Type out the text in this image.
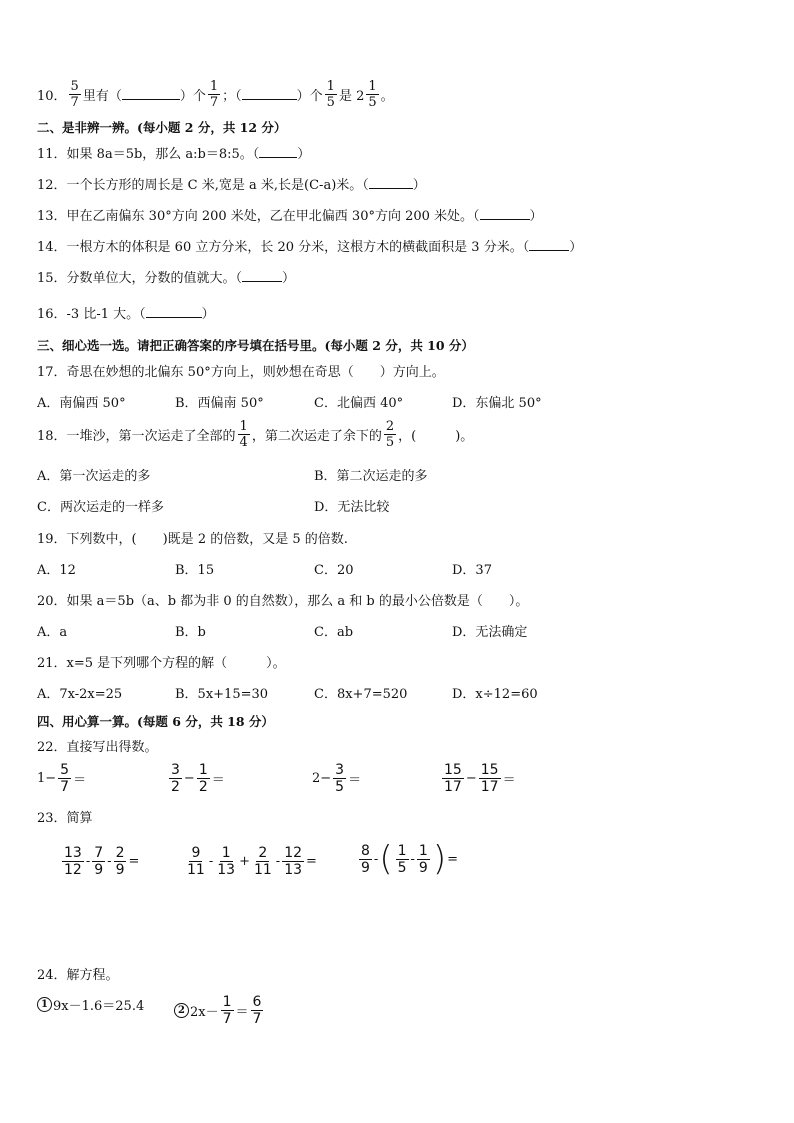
10． $\frac{5}{7}$ 里有（	）个 $\frac{1}{7}$ ；（	）个 $\frac{1}{5}$ 是 $2 \frac{1}{5}$ 。
二、是非辨一辨。(每小题 2 分，共 12 分）
11．如果 8a＝5b，那么 a:b＝8:5。（	）
12．一个长方形的周长是 C 米,宽是 a 米,长是(C-a)米。（	）
13．甲在乙南偏东 30°方向 200 米处，乙在甲北偏西 30°方向 200 米处。（	）
14．一根方木的体积是 60 立方分米，长 20 分米，这根方木的横截面积是 3 分米。（	）
15．分数单位大，分数的值就大。（	）
16．-3 比-1 大。（	）
三、细心选一选。请把正确答案的序号填在括号里。(每小题 2 分，共 10 分）
17．奇思在妙想的北偏东 50°方向上，则妙想在奇思（　　）方向上。
A．南偏西 50°	B．西偏南 50°	C．北偏西 40°	D．东偏北 50°
18．一堆沙，第一次运走了全部的 $\frac{1}{4}$ ，第二次运走了余下的 $\frac{2}{5}$ ，(　　　)。
A．第一次运走的多	B．第二次运走的多
C．两次运走的一样多	D．无法比较
19．下列数中，(　　)既是 2 的倍数，又是 5 的倍数.
A．12	B．15	C．20	D．37
20．如果 a＝5b（a、b 都为非 0 的自然数），那么 a 和 b 的最小公倍数是（　　）。
A．a	B．b	C．ab	D．无法确定
21．x=5 是下列哪个方程的解（　　　）。
A．7x-2x=25	B．5x+15=30	C．8x+7=520	D．x÷12=60
四、用心算一算。(每题 6 分，共 18 分）
22．直接写出得数。
$1- \frac{5}{7}$ ＝	$\frac{3}{2} - \frac{1}{2}$ ＝	$2- \frac{3}{5}$ ＝	$\frac{15}{17} - \frac{15}{17}$ ＝
23．简算
$\frac{13}{12} - \frac{7}{9} - \frac{2}{9}$ =	$\frac{9}{11} - \frac{1}{13} + \frac{2}{11} - \frac{12}{13}$ =	$\frac{8}{9}$ - ( $\frac{1}{5} - \frac{1}{9}$ ) =
24．解方程。
1 9x－1.6＝25.4	2 $2x- \frac{1}{7} = \frac{6}{7}$
